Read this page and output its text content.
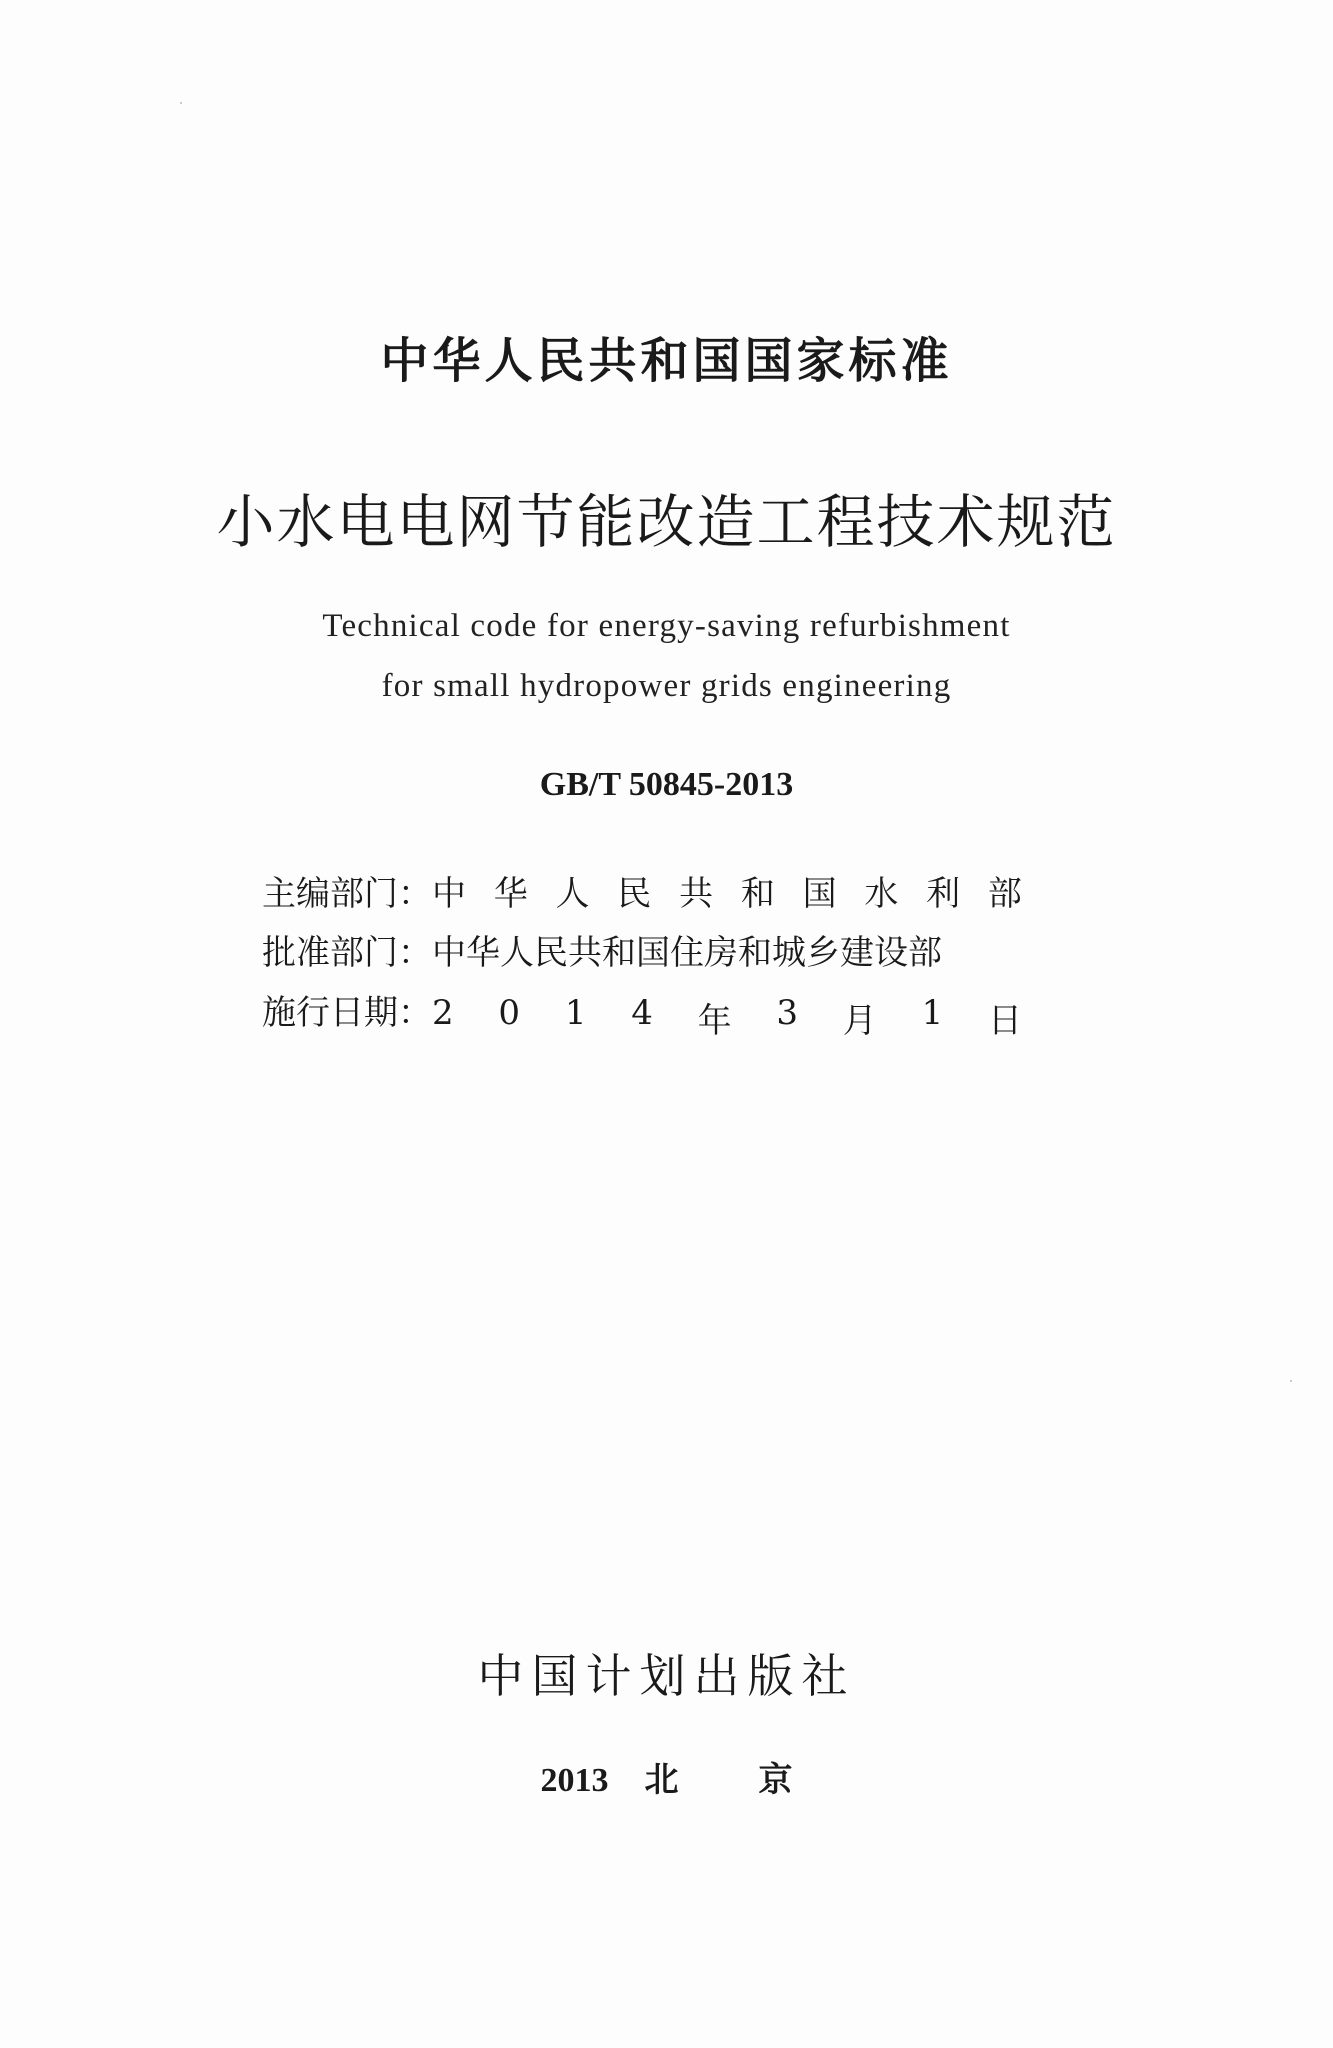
中华人民共和国国家标准
小水电电网节能改造工程技术规范
Technical code for energy-saving refurbishment
for small hydropower grids engineering
GB/T 50845-2013
主编部门： 中 华 人 民 共 和 国 水 利 部
批准部门： 中华人民共和国住房和城乡建设部
施行日期： 2 0 1 4 年 3 月 1 日
中国计划出版社
2013 北 京
